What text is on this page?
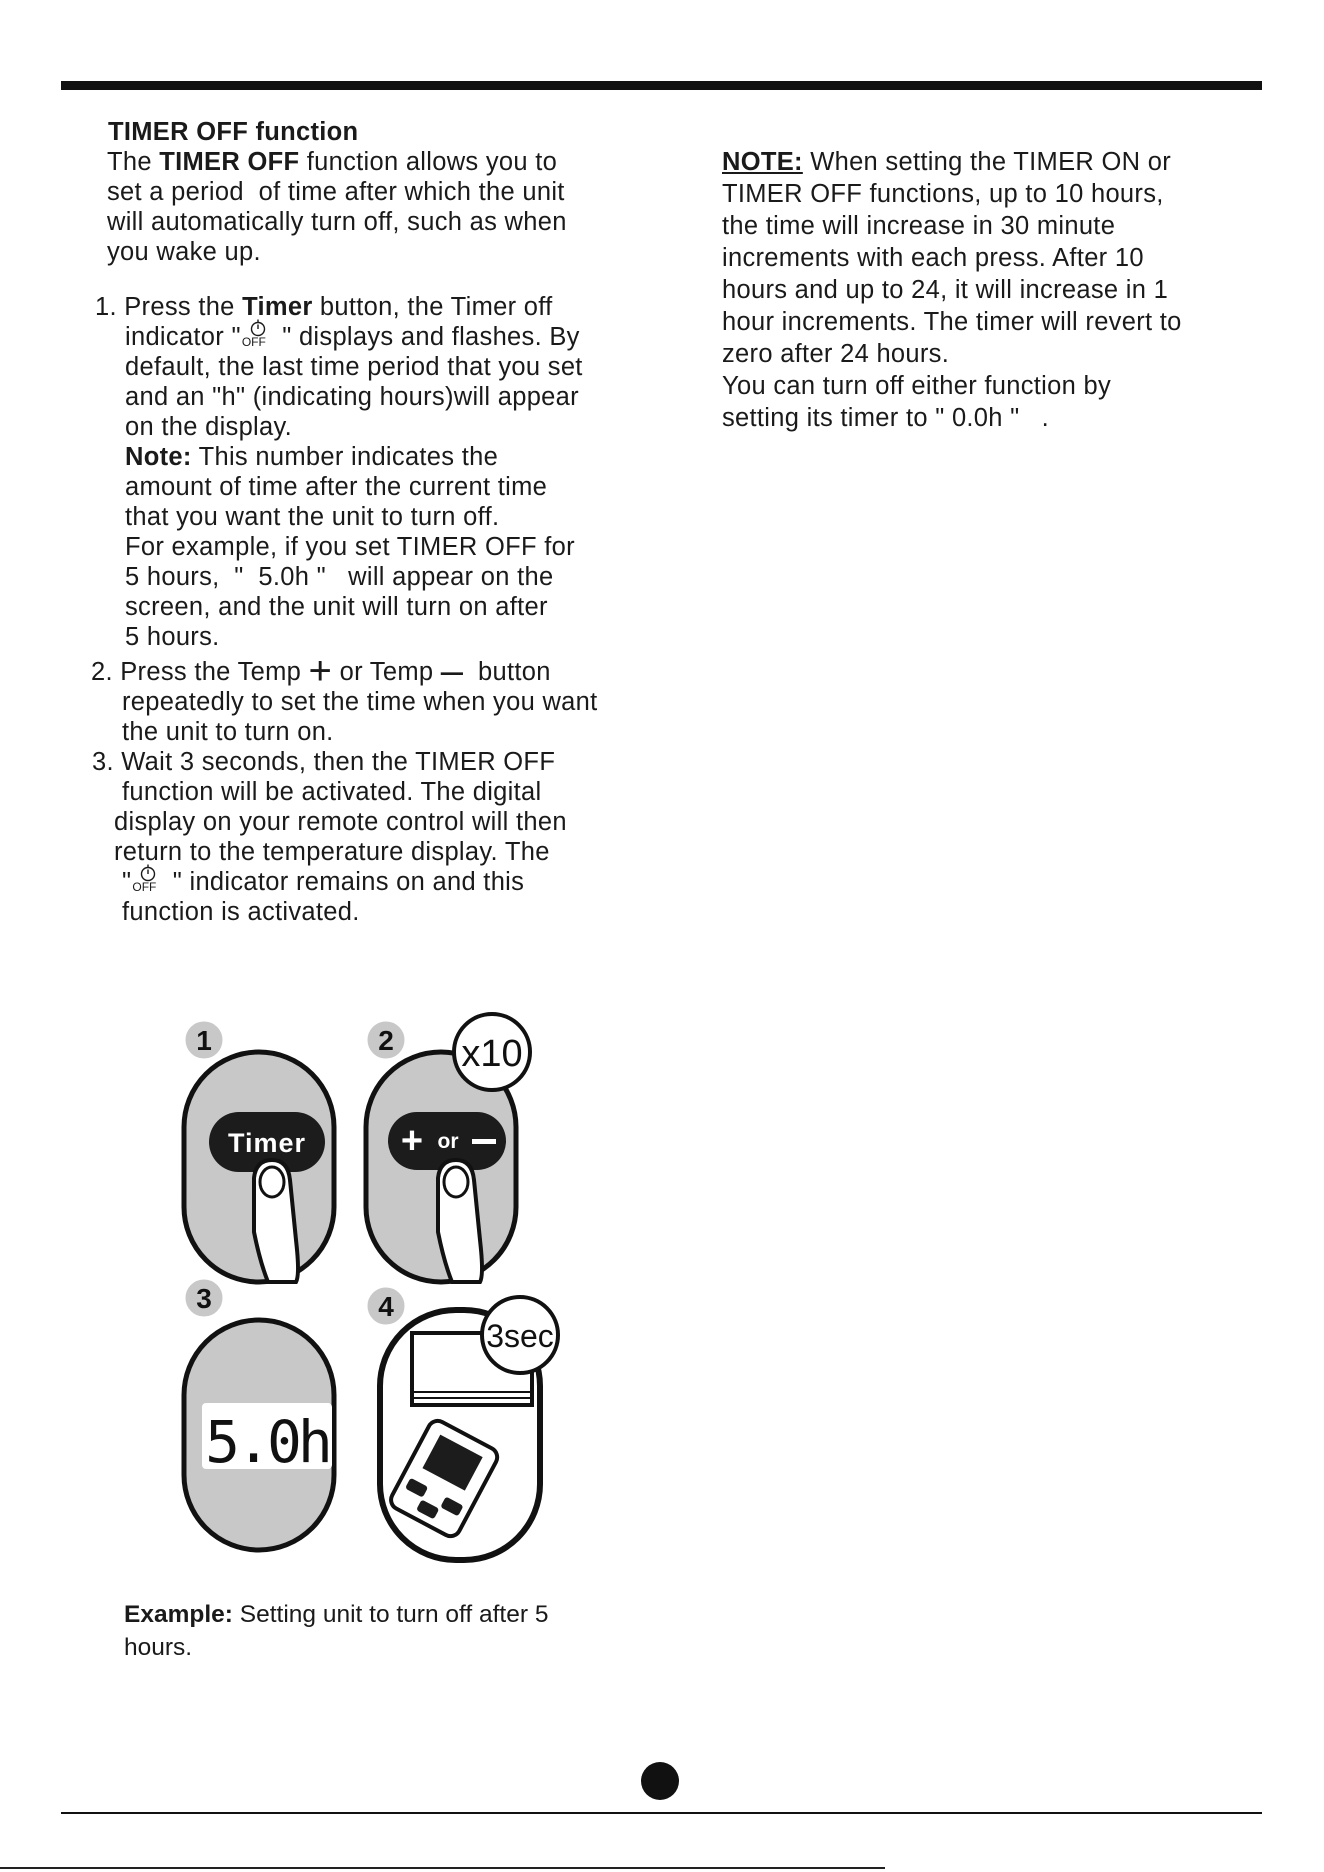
TIMER OFF function
The TIMER OFF function allows you to
set a period  of time after which the unit
will automatically turn off, such as when
you wake up.
1. Press the Timer button, the Timer off
indicator " OFF " displays and flashes. By
default, the last time period that you set
and an "h" (indicating hours)will appear
on the display.
Note: This number indicates the
amount of time after the current time
that you want the unit to turn off.
For example, if you set TIMER OFF for
5 hours,  "  5.0h "   will appear on the
screen, and the unit will turn on after
5 hours.
2. Press the Temp + or Temp –  button
repeatedly to set the time when you want
the unit to turn on.
3. Wait 3 seconds, then the TIMER OFF
function will be activated. The digital
display on your remote control will then
return to the temperature display. The
" OFF " indicator remains on and this
function is activated.
NOTE: When setting the TIMER ON or
TIMER OFF functions, up to 10 hours,
the time will increase in 30 minute
increments with each press. After 10
hours and up to 24, it will increase in 1
hour increments. The timer will revert to
zero after 24 hours.
You can turn off either function by
setting its timer to " 0.0h "   .
Timer
1
+ or
2 x10
5.0h
3	4
3sec
Example: Setting unit to turn off after 5
hours.
